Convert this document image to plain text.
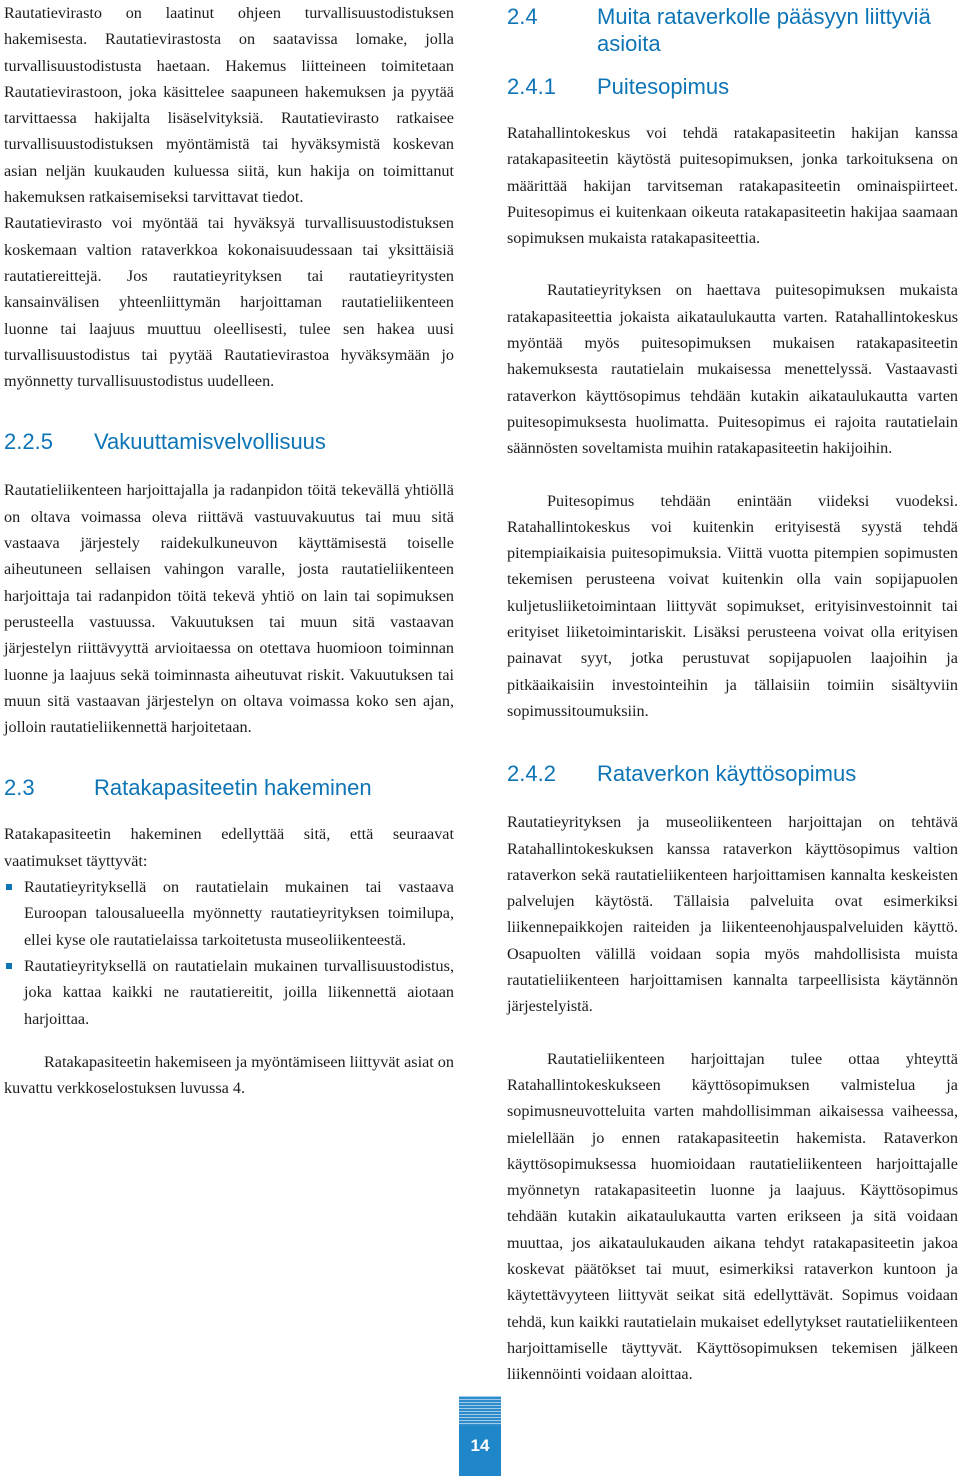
Rautatievirasto on laatinut ohjeen turvallisuustodistuksen hakemisesta. Rautatievirastosta on saatavissa lomake, jolla turvallisuustodistusta haetaan. Hakemus liitteineen toimitetaan Rautatievirastoon, joka käsittelee saapuneen hakemuksen ja pyytää tarvittaessa hakijalta lisäselvityksiä. Rautatievirasto ratkaisee turvallisuustodistuksen myöntämistä tai hyväksymistä koskevan asian neljän kuukauden kuluessa siitä, kun hakija on toimittanut hakemuksen ratkaisemiseksi tarvittavat tiedot.

Rautatievirasto voi myöntää tai hyväksyä turvallisuustodistuksen koskemaan valtion rataverkkoa kokonaisuudessaan tai yksittäisiä rautatiereittejä. Jos rautatieyrityksen tai rautatieyritysten kansainvälisen yhteenliittymän harjoittaman rautatieliikenteen luonne tai laajuus muuttuu oleellisesti, tulee sen hakea uusi turvallisuustodistus tai pyytää Rautatievirastoa hyväksymään jo myönnetty turvallisuustodistus uudelleen.

2.2.5	Vakuuttamisvelvollisuus

Rautatieliikenteen harjoittajalla ja radanpidon töitä tekevällä yhtiöllä on oltava voimassa oleva riittävä vastuuvakuutus tai muu sitä vastaava järjestely raidekulkuneuvon käyttämisestä toiselle aiheutuneen sellaisen vahingon varalle, josta rautatieliikenteen harjoittaja tai radanpidon töitä tekevä yhtiö on lain tai sopimuksen perusteella vastuussa. Vakuutuksen tai muun sitä vastaavan järjestelyn riittävyyttä arvioitaessa on otettava huomioon toiminnan luonne ja laajuus sekä toiminnasta aiheutuvat riskit. Vakuutuksen tai muun sitä vastaavan järjestelyn on oltava voimassa koko sen ajan, jolloin rautatieliikennettä harjoitetaan.

2.3	Ratakapasiteetin hakeminen

Ratakapasiteetin hakeminen edellyttää sitä, että seuraavat vaatimukset täyttyvät:

Rautatieyrityksellä on rautatielain mukainen tai vastaava Euroopan talousalueella myönnetty rautatieyrityksen toimilupa, ellei kyse ole rautatielaissa tarkoitetusta museoliikenteestä.
Rautatieyrityksellä on rautatielain mukainen turvallisuustodistus, joka kattaa kaikki ne rautatiereitit, joilla liikennettä aiotaan harjoittaa.

Ratakapasiteetin hakemiseen ja myöntämiseen liittyvät asiat on kuvattu verkkoselostuksen luvussa 4.

2.4	Muita rataverkolle pääsyyn liittyviä asioita
2.4.1	Puitesopimus

Ratahallintokeskus voi tehdä ratakapasiteetin hakijan kanssa ratakapasiteetin käytöstä puitesopimuksen, jonka tarkoituksena on määrittää hakijan tarvitseman ratakapasiteetin ominaispiirteet. Puitesopimus ei kuitenkaan oikeuta ratakapasiteetin hakijaa saamaan sopimuksen mukaista ratakapasiteettia.

Rautatieyrityksen on haettava puitesopimuksen mukaista ratakapasiteettia jokaista aikataulukautta varten. Ratahallintokeskus myöntää myös puitesopimuksen mukaisen ratakapasiteetin hakemuksesta rautatielain mukaisessa menettelyssä. Vastaavasti rataverkon käyttösopimus tehdään kutakin aikataulukautta varten puitesopimuksesta huolimatta. Puitesopimus ei rajoita rautatielain säännösten soveltamista muihin ratakapasiteetin hakijoihin.

Puitesopimus tehdään enintään viideksi vuodeksi. Ratahallintokeskus voi kuitenkin erityisestä syystä tehdä pitempiaikaisia puitesopimuksia. Viittä vuotta pitempien sopimusten tekemisen perusteena voivat kuitenkin olla vain sopijapuolen kuljetusliiketoimintaan liittyvät sopimukset, erityisinvestoinnit tai erityiset liiketoimintariskit. Lisäksi perusteena voivat olla erityisen painavat syyt, jotka perustuvat sopijapuolen laajoihin ja pitkäaikaisiin investointeihin ja tällaisiin toimiin sisältyviin sopimussitoumuksiin.

2.4.2	Rataverkon käyttösopimus

Rautatieyrityksen ja museoliikenteen harjoittajan on tehtävä Ratahallintokeskuksen kanssa rataverkon käyttösopimus valtion rataverkon sekä rautatieliikenteen harjoittamisen kannalta keskeisten palvelujen käytöstä. Tällaisia palveluita ovat esimerkiksi liikennepaikkojen raiteiden ja liikenteenohjauspalveluiden käyttö. Osapuolten välillä voidaan sopia myös mahdollisista muista rautatieliikenteen harjoittamisen kannalta tarpeellisista käytännön järjestelyistä.

Rautatieliikenteen harjoittajan tulee ottaa yhteyttä Ratahallintokeskukseen käyttösopimuksen valmistelua ja sopimusneuvotteluita varten mahdollisimman aikaisessa vaiheessa, mielellään jo ennen ratakapasiteetin hakemista. Rataverkon käyttösopimuksessa huomioidaan rautatieliikenteen harjoittajalle myönnetyn ratakapasiteetin luonne ja laajuus. Käyttösopimus tehdään kutakin aikataulukautta varten erikseen ja sitä voidaan muuttaa, jos aikataulukauden aikana tehdyt ratakapasiteetin jakoa koskevat päätökset tai muut, esimerkiksi rataverkon kuntoon ja käytettävyyteen liittyvät seikat sitä edellyttävät. Sopimus voidaan tehdä, kun kaikki rautatielain mukaiset edellytykset rautatieliikenteen harjoittamiselle täyttyvät. Käyttösopimuksen tekemisen jälkeen liikennöinti voidaan aloittaa.

14
